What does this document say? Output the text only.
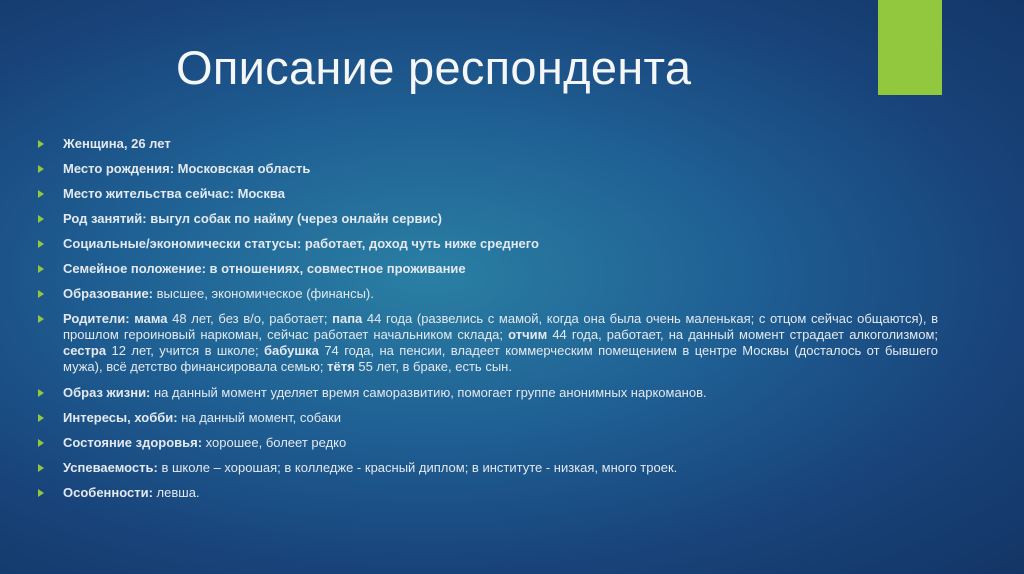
Описание респондента
Женщина, 26 лет
Место рождения: Московская область
Место жительства сейчас: Москва
Род занятий: выгул собак по найму (через онлайн сервис)
Социальные/экономически статусы: работает, доход чуть ниже среднего
Семейное положение: в отношениях, совместное проживание
Образование: высшее, экономическое (финансы).
Родители: мама 48 лет, без в/о, работает; папа 44 года (развелись с мамой, когда она была очень маленькая; с отцом сейчас общаются), в прошлом героиновый наркоман, сейчас работает начальником склада; отчим 44 года, работает, на данный момент страдает алкоголизмом; сестра 12 лет, учится в школе; бабушка 74 года, на пенсии, владеет коммерческим помещением в центре Москвы (досталось от бывшего мужа), всё детство финансировала семью; тётя 55 лет, в браке, есть сын.
Образ жизни: на данный момент уделяет время саморазвитию, помогает группе анонимных наркоманов.
Интересы, хобби: на данный момент, собаки
Состояние здоровья: хорошее, болеет редко
Успеваемость: в школе – хорошая; в колледже - красный диплом; в институте - низкая, много троек.
Особенности: левша.
